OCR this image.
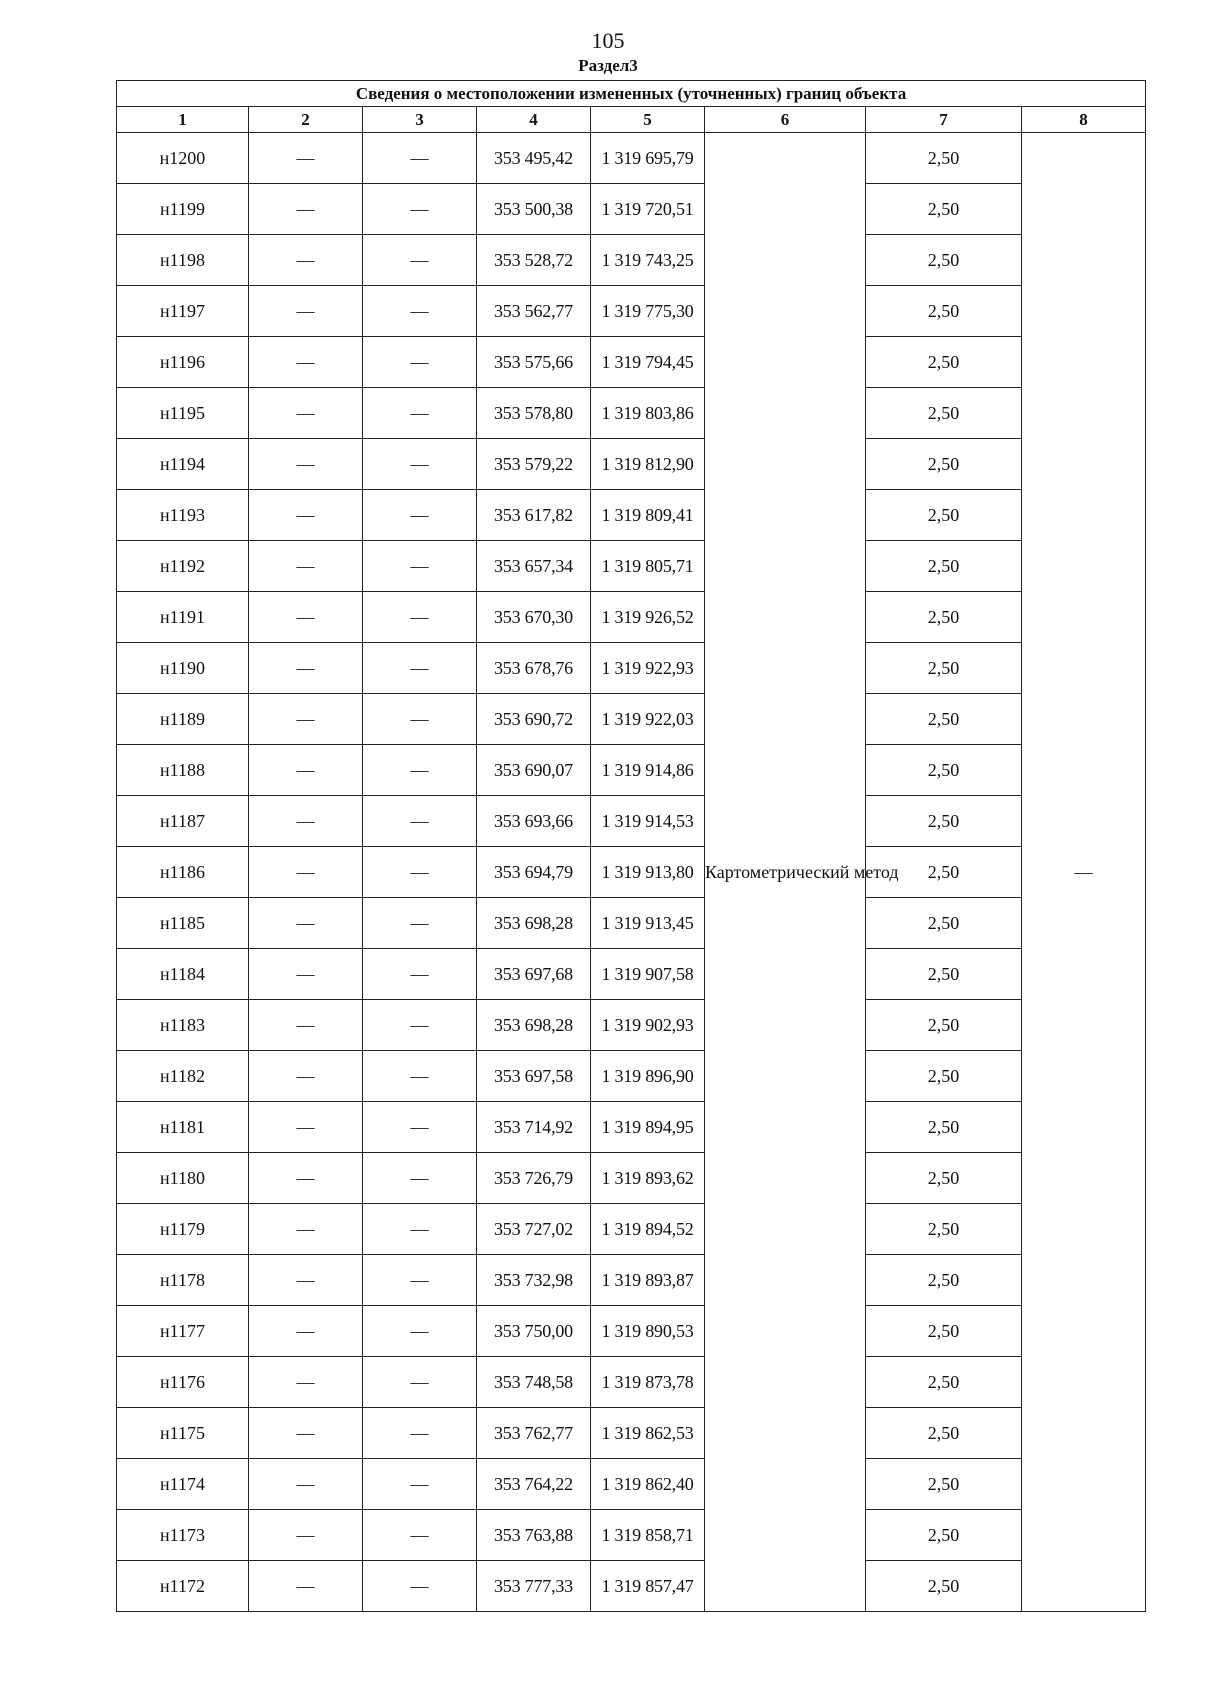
105
Раздел3
Сведения о местоположении измененных (уточненных) границ объекта							
1	2	3	4	5	6	7	8
н1200	—	—	353 495,42	1 319 695,79	Картометрический метод	2,50	—
н1199	—	—	353 500,38	1 319 720,51		2,50	
н1198	—	—	353 528,72	1 319 743,25		2,50	
н1197	—	—	353 562,77	1 319 775,30		2,50	
н1196	—	—	353 575,66	1 319 794,45		2,50	
н1195	—	—	353 578,80	1 319 803,86		2,50	
н1194	—	—	353 579,22	1 319 812,90		2,50	
н1193	—	—	353 617,82	1 319 809,41		2,50	
н1192	—	—	353 657,34	1 319 805,71		2,50	
н1191	—	—	353 670,30	1 319 926,52		2,50	
н1190	—	—	353 678,76	1 319 922,93		2,50	
н1189	—	—	353 690,72	1 319 922,03		2,50	
н1188	—	—	353 690,07	1 319 914,86		2,50	
н1187	—	—	353 693,66	1 319 914,53		2,50	
н1186	—	—	353 694,79	1 319 913,80		2,50	
н1185	—	—	353 698,28	1 319 913,45		2,50	
н1184	—	—	353 697,68	1 319 907,58		2,50	
н1183	—	—	353 698,28	1 319 902,93		2,50	
н1182	—	—	353 697,58	1 319 896,90		2,50	
н1181	—	—	353 714,92	1 319 894,95		2,50	
н1180	—	—	353 726,79	1 319 893,62		2,50	
н1179	—	—	353 727,02	1 319 894,52		2,50	
н1178	—	—	353 732,98	1 319 893,87		2,50	
н1177	—	—	353 750,00	1 319 890,53		2,50	
н1176	—	—	353 748,58	1 319 873,78		2,50	
н1175	—	—	353 762,77	1 319 862,53		2,50	
н1174	—	—	353 764,22	1 319 862,40		2,50	
н1173	—	—	353 763,88	1 319 858,71		2,50	
н1172	—	—	353 777,33	1 319 857,47		2,50	
